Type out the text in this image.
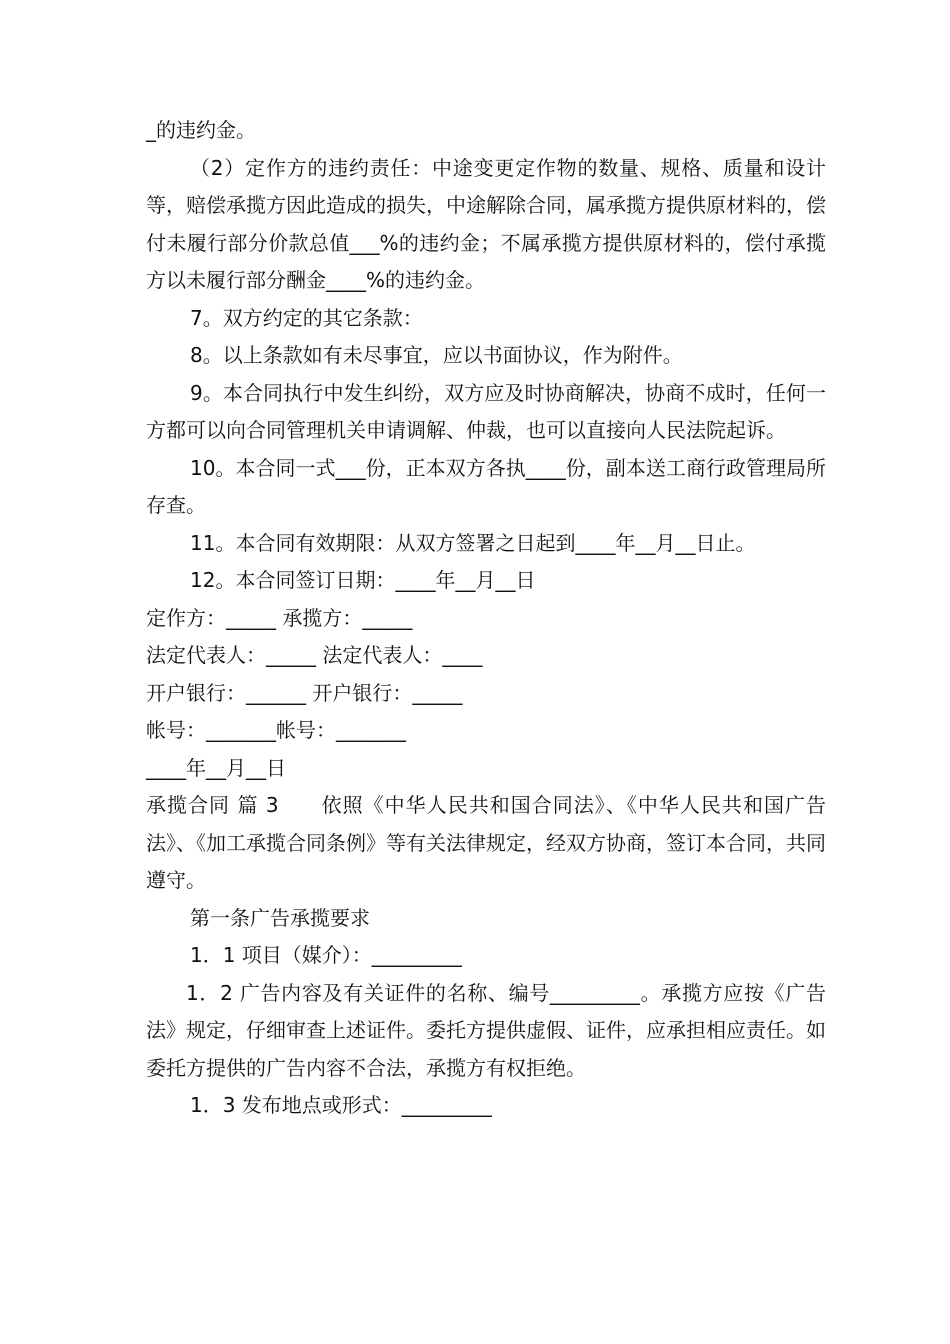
_的违约金。

（2）定作方的违约责任：中途变更定作物的数量、规格、质量和设计等，赔偿承揽方因此造成的损失，中途解除合同，属承揽方提供原材料的，偿付未履行部分价款总值___%的违约金；不属承揽方提供原材料的，偿付承揽方以未履行部分酬金____%的违约金。

7。双方约定的其它条款：

8。以上条款如有未尽事宜，应以书面协议，作为附件。

9。本合同执行中发生纠纷，双方应及时协商解决，协商不成时，任何一方都可以向合同管理机关申请调解、仲裁，也可以直接向人民法院起诉。

10。本合同一式___份，正本双方各执____份，副本送工商行政管理局所存查。

11。本合同有效期限：从双方签署之日起到____年__月__日止。

12。本合同签订日期：____年__月__日

定作方：_____ 承揽方：_____

法定代表人：_____ 法定代表人：____

开户银行：______ 开户银行：_____

帐号：_______帐号：_______

____年__月__日

承揽合同 篇 3　　依照《中华人民共和国合同法》、《中华人民共和国广告法》、《加工承揽合同条例》等有关法律规定，经双方协商，签订本合同，共同遵守。

第一条广告承揽要求

1．1 项目（媒介）：_________

1．2 广告内容及有关证件的名称、编号_________。承揽方应按《广告法》规定，仔细审查上述证件。委托方提供虚假、证件，应承担相应责任。如委托方提供的广告内容不合法，承揽方有权拒绝。

1．3 发布地点或形式：_________
